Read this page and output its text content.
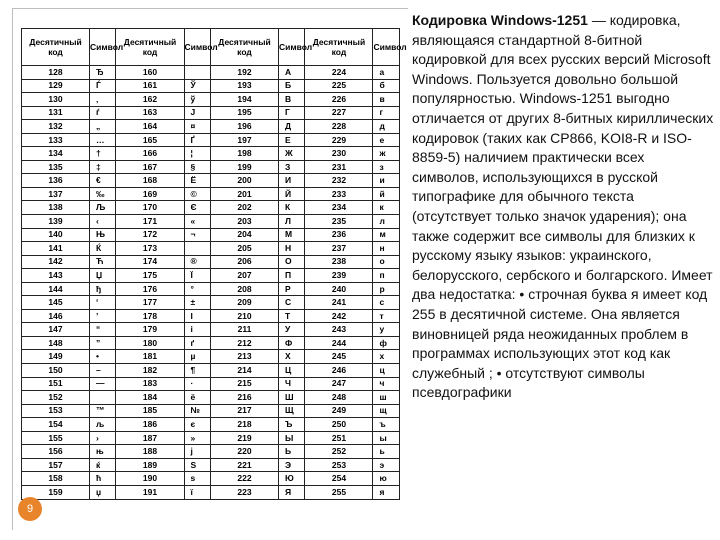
Десятичный код	Символ	Десятичный код	Символ	Десятичный код	Символ	Десятичный код	Символ
128	Ђ	160		192	А	224	а
129	Ѓ	161	Ў	193	Б	225	б
130	‚	162	ў	194	В	226	в
131	ѓ	163	Ј	195	Г	227	г
132	„	164	¤	196	Д	228	д
133	…	165	Ґ	197	Е	229	е
134	†	166	¦	198	Ж	230	ж
135	‡	167	§	199	З	231	з
136	€	168	Ё	200	И	232	и
137	‰	169	©	201	Й	233	й
138	Љ	170	Є	202	К	234	к
139	‹	171	«	203	Л	235	л
140	Њ	172	¬	204	М	236	м
141	Ќ	173		205	Н	237	н
142	Ћ	174	®	206	О	238	о
143	Џ	175	Ї	207	П	239	п
144	ђ	176	°	208	Р	240	р
145	‘	177	±	209	С	241	с
146	’	178	І	210	Т	242	т
147	“	179	і	211	У	243	у
148	”	180	ґ	212	Ф	244	ф
149	•	181	µ	213	Х	245	х
150	–	182	¶	214	Ц	246	ц
151	—	183	·	215	Ч	247	ч
152		184	ё	216	Ш	248	ш
153	™	185	№	217	Щ	249	щ
154	љ	186	є	218	Ъ	250	ъ
155	›	187	»	219	Ы	251	ы
156	њ	188	ј	220	Ь	252	ь
157	ќ	189	Ѕ	221	Э	253	э
158	ћ	190	ѕ	222	Ю	254	ю
159	џ	191	ї	223	Я	255	я
Кодировка Windows-1251 — кодировка, являющаяся стандартной 8-битной кодировкой для всех русских версий Microsoft Windows. Пользуется довольно большой популярностью. Windows-1251 выгодно отличается от других 8-битных кириллических кодировок (таких как CP866, KOI8-R и ISO-8859-5) наличием практически всех символов, использующихся в русской типографике для обычного текста (отсутствует только значок ударения); она также содержит все символы для близких к русскому языку языков: украинского, белорусского, сербского и болгарского. Имеет два недостатка: • строчная буква я имеет код 255 в десятичной системе. Она является виновницей ряда неожиданных проблем в программах использующих этот код как служебный ; • отсутствуют символы псевдографики
9
